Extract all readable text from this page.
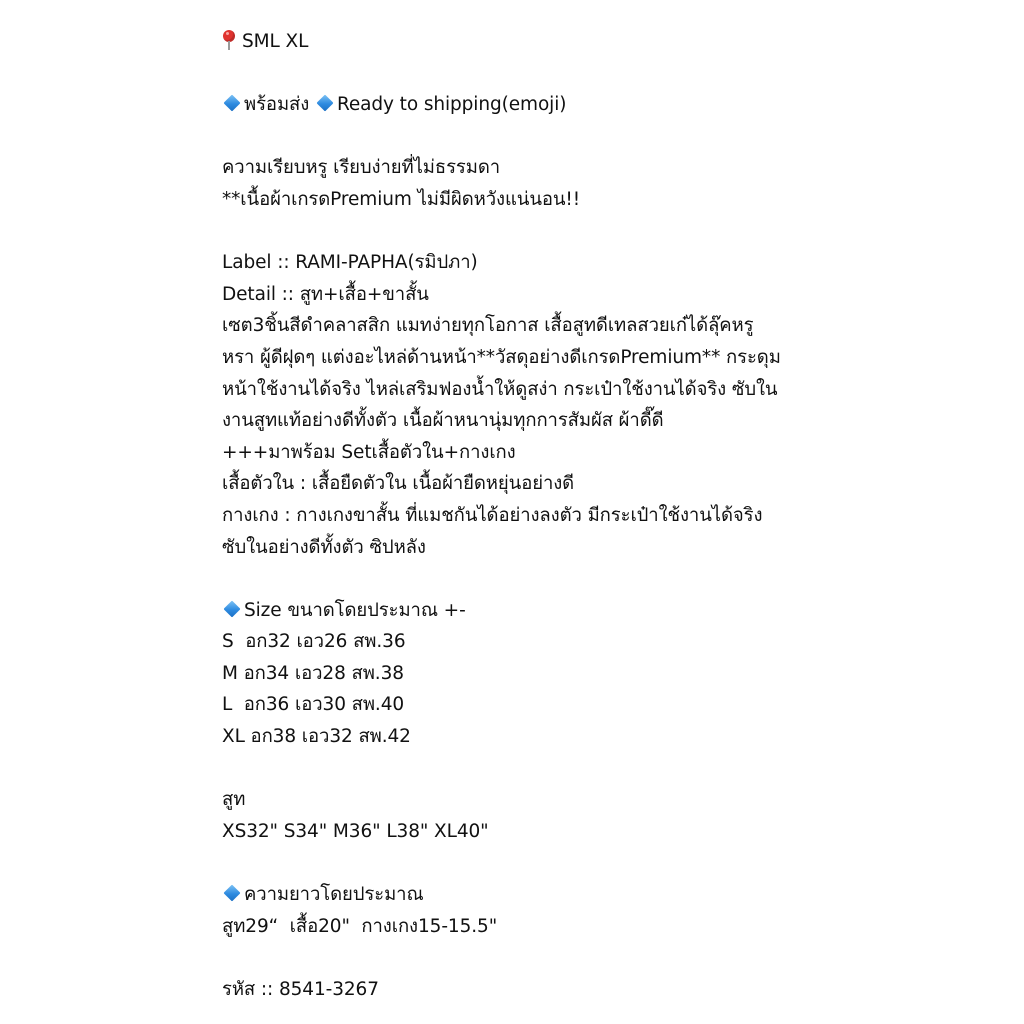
SML XL
พร้อมส่ง Ready to shipping(emoji)
ความเรียบหรู เรียบง่ายที่ไม่ธรรมดา
**เนื้อผ้าเกรดPremium ไม่มีผิดหวังแน่นอน!!
Label :: RAMI-PAPHA(รมิปภา)
Detail :: สูท+เสื้อ+ขาสั้น
เซต3ชิ้นสีดำคลาสสิก แมทง่ายทุกโอกาส เสื้อสูทดีเทลสวยเก๋ได้ลุ๊คหรู
หรา ผู้ดีฝุดๆ แต่งอะไหล่ด้านหน้า**วัสดุอย่างดีเกรดPremium** กระดุม
หน้าใช้งานได้จริง ไหล่เสริมฟองน้ำให้ดูสง่า กระเป๋าใช้งานได้จริง ซับใน
งานสูทแท้อย่างดีทั้งตัว เนื้อผ้าหนานุ่มทุกการสัมผัส ผ้าดี๊ดี
+++มาพร้อม Setเสื้อตัวใน+กางเกง
เสื้อตัวใน : เสื้อยืดตัวใน เนื้อผ้ายืดหยุ่นอย่างดี
กางเกง : กางเกงขาสั้น ที่แมชกันได้อย่างลงตัว มีกระเป๋าใช้งานได้จริง
ซับในอย่างดีทั้งตัว ซิปหลัง
Size ขนาดโดยประมาณ +-
S  อก32 เอว26 สพ.36
M อก34 เอว28 สพ.38
L  อก36 เอว30 สพ.40
XL อก38 เอว32 สพ.42
สูท
XS32" S34" M36" L38" XL40"
ความยาวโดยประมาณ
สูท29“  เสื้อ20"  กางเกง15-15.5"
รหัส :: 8541-3267
